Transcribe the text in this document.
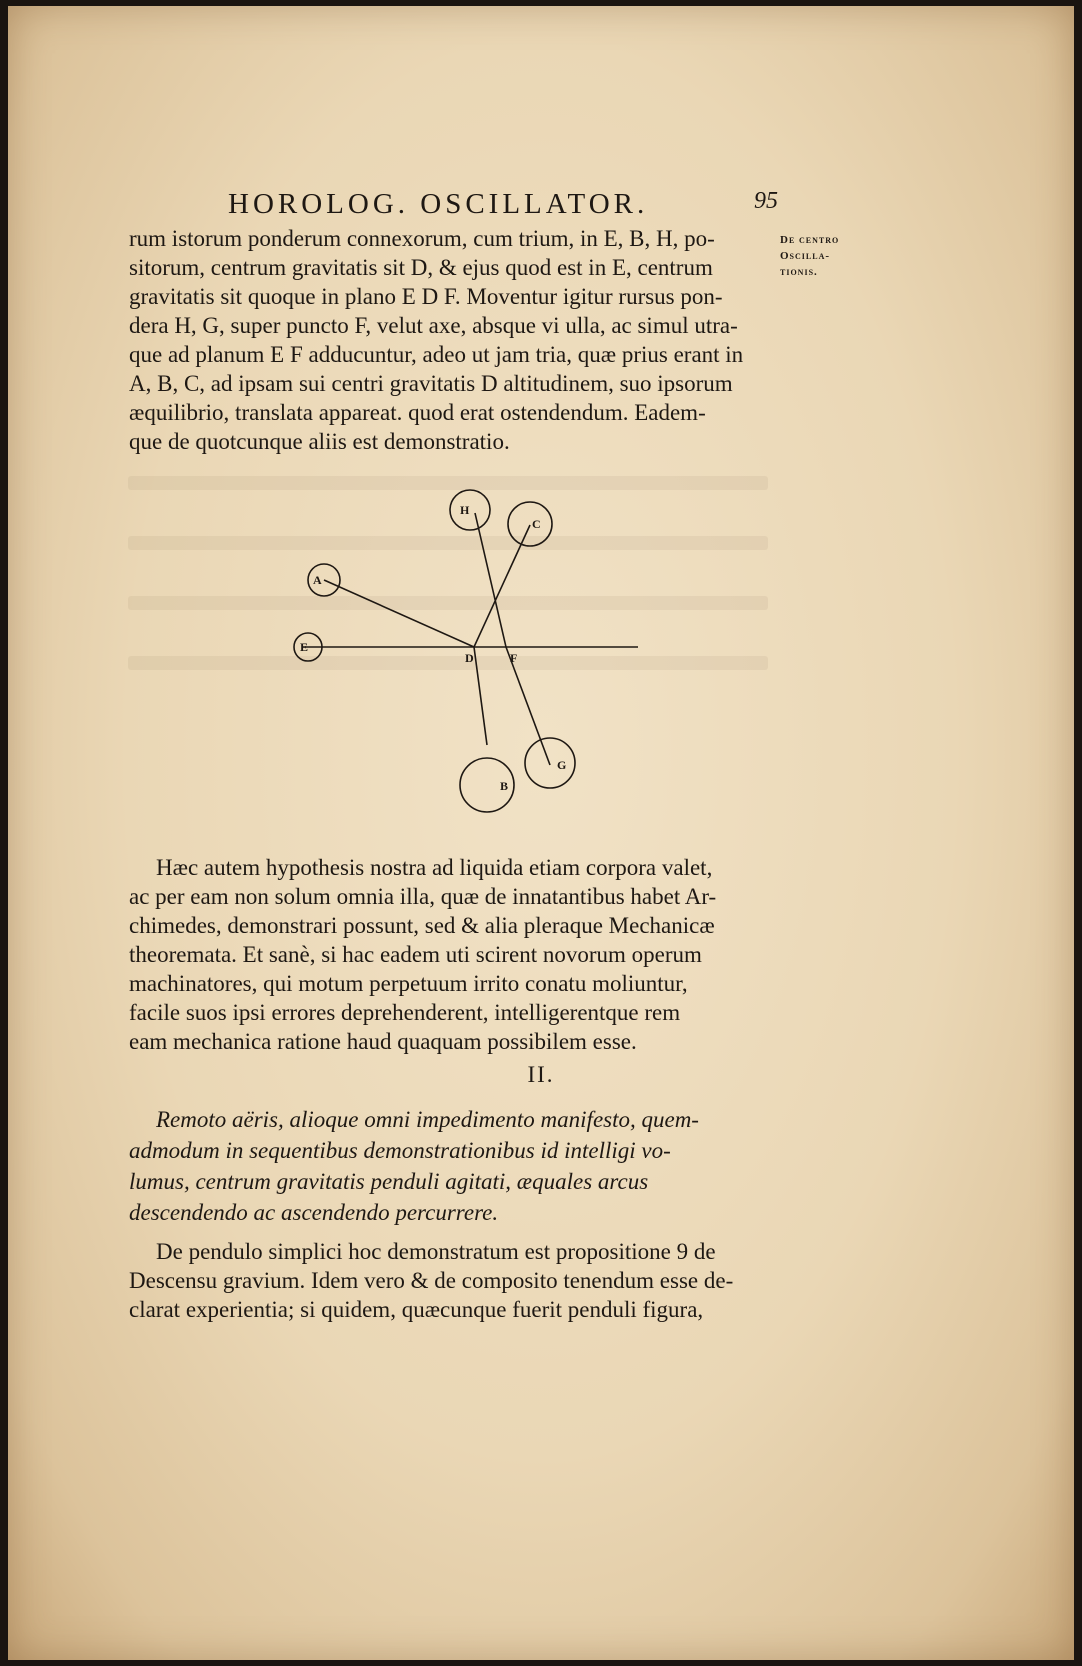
HOROLOG. OSCILLATOR.	95
De centro
Oscilla-
tionis.
rum istorum ponderum connexorum, cum trium, in E, B, H, po-
sitorum, centrum gravitatis sit D, & ejus quod est in E, centrum
gravitatis sit quoque in plano E D F. Moventur igitur rursus pon-
dera H, G, super puncto F, velut axe, absque vi ulla, ac simul utra-
que ad planum E F adducuntur, adeo ut jam tria, quæ prius erant in
A, B, C, ad ipsam sui centri gravitatis D altitudinem, suo ipsorum
æquilibrio, translata appareat. quod erat ostendendum. Eadem-
que de quotcunque aliis est demonstratio.
A
E
H
C
D	F
B
G
Hæc autem hypothesis nostra ad liquida etiam corpora valet,
ac per eam non solum omnia illa, quæ de innatantibus habet Ar-
chimedes, demonstrari possunt, sed & alia pleraque Mechanicæ
theoremata. Et sanè, si hac eadem uti scirent novorum operum
machinatores, qui motum perpetuum irrito conatu moliuntur,
facile suos ipsi errores deprehenderent, intelligerentque rem
eam mechanica ratione haud quaquam possibilem esse.
II.
Remoto aëris, alioque omni impedimento manifesto, quem-
admodum in sequentibus demonstrationibus id intelligi vo-
lumus, centrum gravitatis penduli agitati, æquales arcus
descendendo ac ascendendo percurrere.
De pendulo simplici hoc demonstratum est propositione 9 de
Descensu gravium. Idem vero & de composito tenendum esse de-
clarat experientia; si quidem, quæcunque fuerit penduli figura,
